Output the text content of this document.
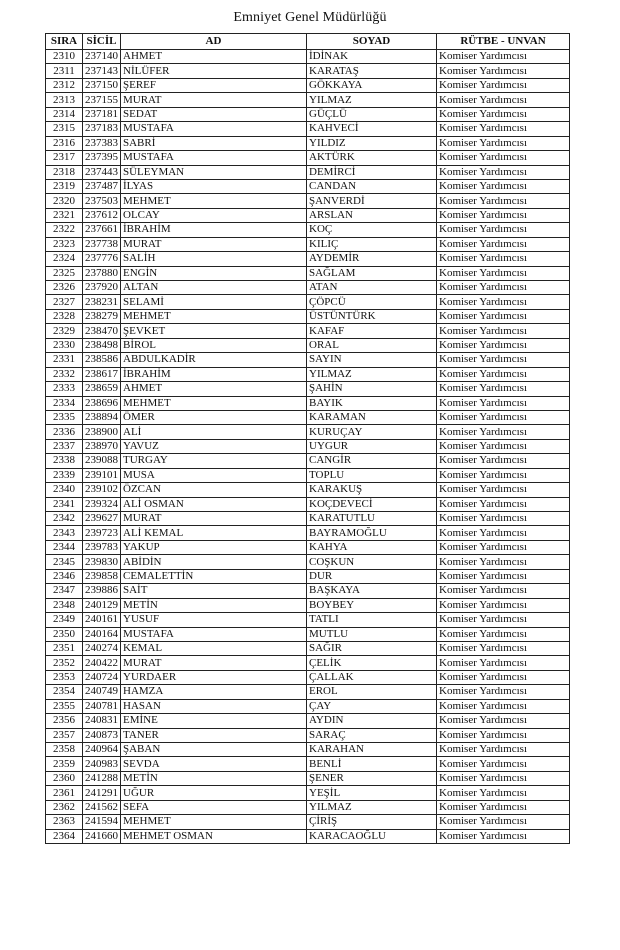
Emniyet Genel Müdürlüğü
SIRA	SİCİL	AD	SOYAD	RÜTBE - UNVAN
2310	237140	AHMET	İDİNAK	Komiser Yardımcısı
2311	237143	NİLÜFER	KARATAŞ	Komiser Yardımcısı
2312	237150	ŞEREF	GÖKKAYA	Komiser Yardımcısı
2313	237155	MURAT	YILMAZ	Komiser Yardımcısı
2314	237181	SEDAT	GÜÇLÜ	Komiser Yardımcısı
2315	237183	MUSTAFA	KAHVECİ	Komiser Yardımcısı
2316	237383	SABRİ	YILDIZ	Komiser Yardımcısı
2317	237395	MUSTAFA	AKTÜRK	Komiser Yardımcısı
2318	237443	SÜLEYMAN	DEMİRCİ	Komiser Yardımcısı
2319	237487	İLYAS	CANDAN	Komiser Yardımcısı
2320	237503	MEHMET	ŞANVERDİ	Komiser Yardımcısı
2321	237612	OLCAY	ARSLAN	Komiser Yardımcısı
2322	237661	İBRAHİM	KOÇ	Komiser Yardımcısı
2323	237738	MURAT	KILIÇ	Komiser Yardımcısı
2324	237776	SALİH	AYDEMİR	Komiser Yardımcısı
2325	237880	ENGİN	SAĞLAM	Komiser Yardımcısı
2326	237920	ALTAN	ATAN	Komiser Yardımcısı
2327	238231	SELAMİ	ÇÖPCÜ	Komiser Yardımcısı
2328	238279	MEHMET	ÜSTÜNTÜRK	Komiser Yardımcısı
2329	238470	ŞEVKET	KAFAF	Komiser Yardımcısı
2330	238498	BİROL	ORAL	Komiser Yardımcısı
2331	238586	ABDULKADİR	SAYIN	Komiser Yardımcısı
2332	238617	İBRAHİM	YILMAZ	Komiser Yardımcısı
2333	238659	AHMET	ŞAHİN	Komiser Yardımcısı
2334	238696	MEHMET	BAYIK	Komiser Yardımcısı
2335	238894	ÖMER	KARAMAN	Komiser Yardımcısı
2336	238900	ALİ	KURUÇAY	Komiser Yardımcısı
2337	238970	YAVUZ	UYGUR	Komiser Yardımcısı
2338	239088	TURGAY	CANGİR	Komiser Yardımcısı
2339	239101	MUSA	TOPLU	Komiser Yardımcısı
2340	239102	ÖZCAN	KARAKUŞ	Komiser Yardımcısı
2341	239324	ALİ OSMAN	KOÇDEVECİ	Komiser Yardımcısı
2342	239627	MURAT	KARATUTLU	Komiser Yardımcısı
2343	239723	ALİ KEMAL	BAYRAMOĞLU	Komiser Yardımcısı
2344	239783	YAKUP	KAHYA	Komiser Yardımcısı
2345	239830	ABİDİN	COŞKUN	Komiser Yardımcısı
2346	239858	CEMALETTİN	DUR	Komiser Yardımcısı
2347	239886	SAİT	BAŞKAYA	Komiser Yardımcısı
2348	240129	METİN	BOYBEY	Komiser Yardımcısı
2349	240161	YUSUF	TATLI	Komiser Yardımcısı
2350	240164	MUSTAFA	MUTLU	Komiser Yardımcısı
2351	240274	KEMAL	SAĞIR	Komiser Yardımcısı
2352	240422	MURAT	ÇELİK	Komiser Yardımcısı
2353	240724	YURDAER	ÇALLAK	Komiser Yardımcısı
2354	240749	HAMZA	EROL	Komiser Yardımcısı
2355	240781	HASAN	ÇAY	Komiser Yardımcısı
2356	240831	EMİNE	AYDIN	Komiser Yardımcısı
2357	240873	TANER	SARAÇ	Komiser Yardımcısı
2358	240964	ŞABAN	KARAHAN	Komiser Yardımcısı
2359	240983	SEVDA	BENLİ	Komiser Yardımcısı
2360	241288	METİN	ŞENER	Komiser Yardımcısı
2361	241291	UĞUR	YEŞİL	Komiser Yardımcısı
2362	241562	SEFA	YILMAZ	Komiser Yardımcısı
2363	241594	MEHMET	ÇİRİŞ	Komiser Yardımcısı
2364	241660	MEHMET OSMAN	KARACAOĞLU	Komiser Yardımcısı
